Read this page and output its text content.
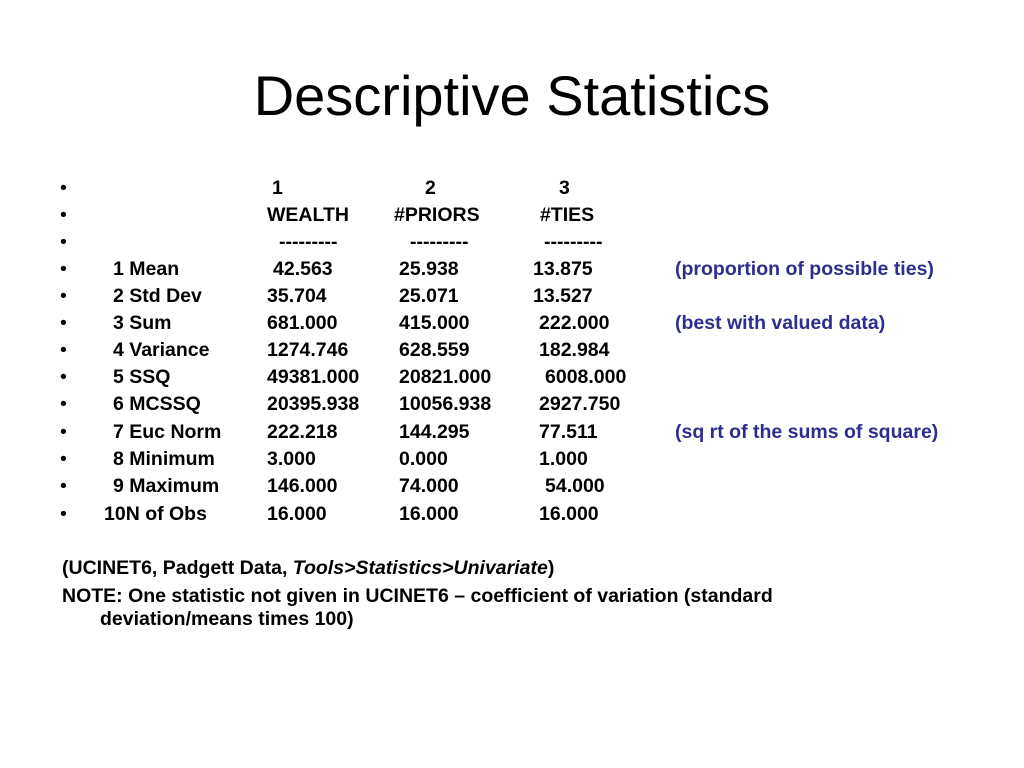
Descriptive Statistics
•	1	2	3
•	WEALTH #PRIORS	#TIES
•	---------	---------	---------
• 1 Mean	42.563	25.938	13.875	(proportion of possible ties)
• 2 Std Dev	35.704	25.071	13.527
• 3 Sum	681.000	415.000	222.000	(best with valued data)
• 4 Variance	1274.746	628.559	182.984
• 5 SSQ	49381.000 20821.000	6008.000
• 6 MCSSQ	20395.938 10056.938 2927.750
• 7 Euc Norm 222.218	144.295	77.511	(sq rt of the sums of square)
• 8 Minimum	3.000	0.000	1.000
• 9 Maximum 146.000	74.000	54.000
• 10N of Obs	16.000	16.000	16.000
(UCINET6, Padgett Data, Tools>Statistics>Univariate)
NOTE: One statistic not given in UCINET6 – coefficient of variation (standard
deviation/means times 100)
